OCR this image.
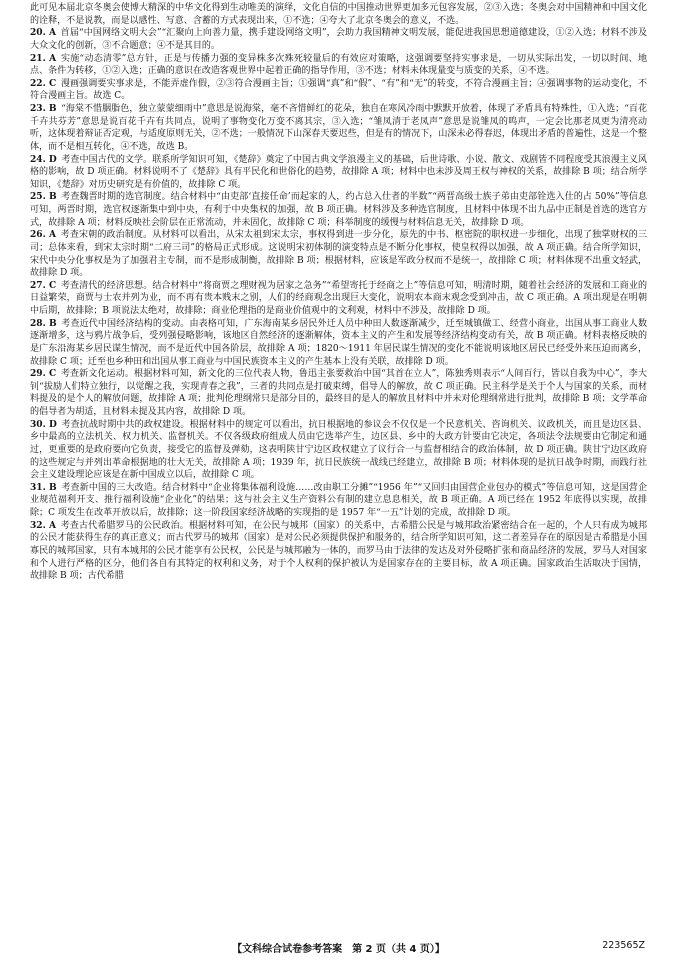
此可见本届北京冬奥会使博大精深的中华文化得到生动唯美的演绎，文化自信的中国推动世界更加多元包容发展，②③入选；冬奥会对中国精神和中国文化的诠释，不是说教，而是以感性、写意、含蓄的方式表现出来，①不选；④夸大了北京冬奥会的意义，不选。

20. A  首届“中国网络文明大会”“汇聚向上向善力量，携手建设网络文明”，会助力我国精神文明发展，能促进我国思想道德建设，①②入选；材料不涉及大众文化的创新，③不合题意；④不是其目的。

21. A  实施“动态清零”总方针，正是与传播力强的变异株多次殊死较量后的有效应对策略，这强调要坚持实事求是，一切从实际出发，一切以时间、地点、条件为转移，①②入选；正确的意识在改造客观世界中起着正确的指导作用，③不选；材料未体现量变与质变的关系，④不选。

22. C  漫画强调要实事求是，不能弄虚作假，②③符合漫画主旨；①强调“真”和“假”、“有”和“无”的转变，不符合漫画主旨；④强调事物的运动变化，不符合漫画主旨。故选 C。

23. B  “海棠不惜胭脂色，独立蒙蒙细雨中”意思是说海棠，毫不吝惜鲜红的花朵，独自在寒风冷雨中默默开放着，体现了矛盾具有特殊性，①入选；“百花千卉共芬芳”意思是说百花千卉有共同点，说明了事物变化万变不离其宗，③入选；“雏凤清于老凤声”意思是说雏凤的鸣声，一定会比那老凤更为清亮动听，这体现着辩证否定观，与适度原则无关，②不选；一般情况下山深春天要迟些，但是有的情况下，山深未必得春迟，体现出矛盾的普遍性，这是一个整体，而不是相互转化，④不选，故选 B。

24. D  考查中国古代的文学。联系所学知识可知，《楚辞》奠定了中国古典文学浪漫主义的基础，后世诗歌、小说、散文、戏剧皆不同程度受其浪漫主义风格的影响，故 D 项正确。材料说明不了《楚辞》具有平民化和世俗化的趋势，故排除 A 项；材料中也未涉及周王权与神权的关系，故排除 B 项；结合所学知识，《楚辞》对历史研究是有价值的，故排除 C 项。

25. B  考查魏晋时期的选官制度。结合材料中“由吏部‘直接任命’而起家的人，约占总入仕者的半数”“两晋高级士族子弟由吏部铨选入仕的占 50%”等信息可知，两晋时期，选官权逐渐集中到中央，有利于中央集权的加强，故 B 项正确。材料涉及多种选官制度，且材料中体现不出九品中正制是首选的选官方式，故排除 A 项；材料反映社会阶层在正常流动，并未固化，故排除 C 项；科举制度的缓慢与材料信息无关，故排除 D 项。

26. A  考查宋朝的政治制度。从材料可以看出，从宋太祖到宋太宗，事权得到进一步分化，原先的中书、枢密院的职权进一步细化，出现了独掌财权的三司；总体来看，到宋太宗时期“二府三司”的格局正式形成。这说明宋初体制的演变特点是不断分化事权，使皇权得以加强，故 A 项正确。结合所学知识，宋代中央分化事权是为了加强君主专制，而不是形成制衡，故排除 B 项；根据材料，应该是军政分权而不是统一，故排除 C 项；材料体现不出重文轻武，故排除 D 项。

27. C  考查清代的经济思想。结合材料中“将商贾之理财视为居家之急务”“希望寄托于经商之上”等信息可知，明清时期，随着社会经济的发展和工商业的日益繁荣，商贾与士农并列为业，而不再有贵本贱末之别，人们的经商观念出现巨大变化，说明农本商末观念受到冲击，故 C 项正确。A 项出现是在明朝中后期，故排除；B 项说法太绝对，故排除；商业伦理指的是商业价值观中的文利观，材料中不涉及，故排除 D 项。

28. B  考查近代中国经济结构的变动。由表格可知，广东海南某乡居民外迁人员中种田人数逐渐减少，迁至城镇做工、经营小商业，出国从事工商业人数逐渐增多，这与鸦片战争后，受列强侵略影响，该地区自然经济的逐渐解体，资本主义的产生和发展等经济结构变动有关，故 B 项正确。材料表格反映的是广东沿海某乡居民谋生情况，而不是近代中国各阶层，故排除 A 项；1820～1911 年居民谋生情况的变化不能说明该地区居民已经受外来压迫而离乡，故排除 C 项；迁至也乡种田和出国从事工商业与中国民族资本主义的产生基本上没有关联，故排除 D 项。

29. C  考查新文化运动。根据材料可知，新文化的三位代表人物，鲁迅主张要救治中国“其首在立人”，陈独秀则表示“人间百行，皆以自我为中心”，李大钊“拔励人们特立独行，以觉醒之我，实现青春之我”，三者的共同点是打破束缚，倡导人的解放，故 C 项正确。民主科学是关于个人与国家的关系，而材料提及的是个人的解放问题，故排除 A 项；批判伦理纲常只是部分目的，最终目的是人的解放且材料中并未对伦理纲常进行批判，故排除 B 项；文学革命的倡导者为胡适，且材料未提及其内容，故排除 D 项。

30. D  考查抗战时期中共的政权建设。根据材料中的规定可以看出，抗日根据地的参议会不仅仅是一个民意机关、咨询机关、议政机关，而且是边区县、乡中最高的立法机关、权力机关、监督机关。不仅各级政府组成人员由它选举产生，边区县、乡中的大政方针要由它决定，各项法令法规要由它制定和通过，更重要的是政府要向它负责，接受它的监督及弹劾，这表明陕甘宁边区政权建立了议行合一与监督相结合的政治体制，故 D 项正确。陕甘宁边区政府的这些规定与并列出革命根据地的壮大无关，故排除 A 项；1939 年，抗日民族统一战线已经建立，故排除 B 项；材料体现的是抗日战争时期，而践行社会主义建设理论应该是在新中国成立以后，故排除 C 项。

31. B  考查新中国的三大改造。结合材料中“企业将集体福利设施……改由职工分摊”“1956 年”“又回归由国营企业包办的模式”等信息可知，这是国营企业规范福利开支、推行福利设施“企业化”的结果；这与社会主义生产资料公有制的建立息息相关，故 B 项正确。A 项已经在 1952 年底得以实现，故排除；C 项发生在改革开放以后，故排除；这一阶段国家经济战略的实现指的是 1957 年“一五”计划的完成，故排除 D 项。

32. A  考查古代希腊罗马的公民政治。根据材料可知，在公民与城邦（国家）的关系中，古希腊公民是与城邦政治紧密结合在一起的，个人只有成为城邦的公民才能获得生存的真正意义；而古代罗马的城邦（国家）是对公民必须提供保护和服务的，结合所学知识可知，这二者差异存在的原因是古希腊是小国寡民的城邦国家，只有本城邦的公民才能享有公民权，公民是与城邦融为一体的，而罗马由于法律的发达及对外侵略扩张和商品经济的发展，罗马人对国家和个人进行严格的区分，他们各自有其特定的权利和义务，对于个人权利的保护被认为是国家存在的主要目标，故 A 项正确。国家政治生活取决于国情，故排除 B 项；古代希腊

【文科综合试卷参考答案　第 2 页（共 4 页）】	223565Z
